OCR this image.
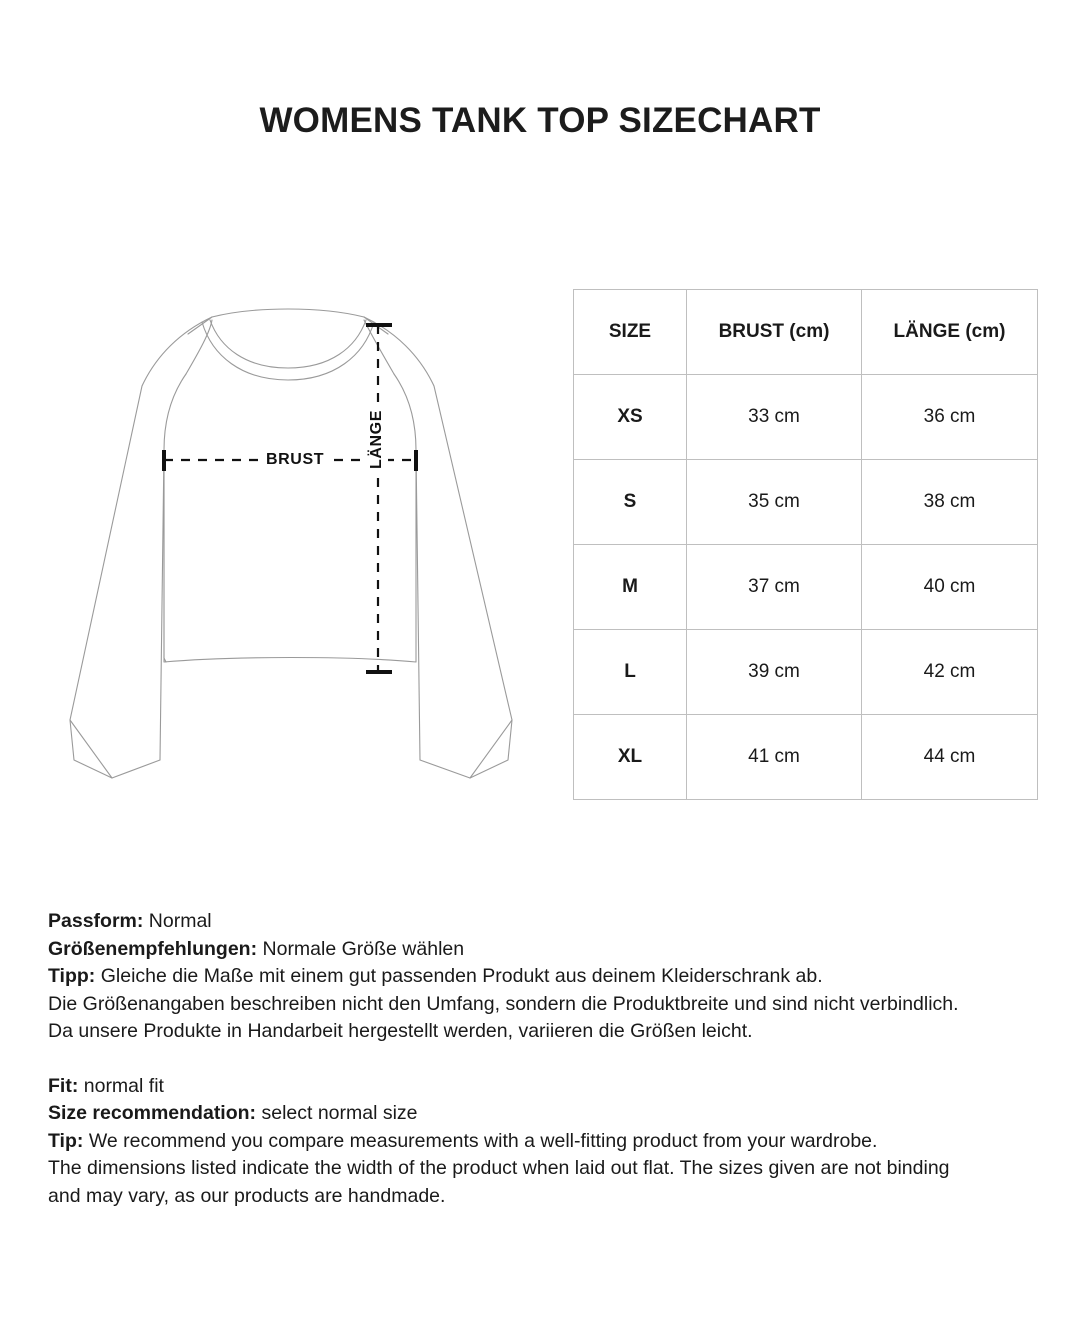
WOMENS TANK TOP SIZECHART
BRUST	LÄNGE
SIZE	BRUST (cm)	LÄNGE (cm)
XS	33 cm	36 cm
S	35 cm	38 cm
M	37 cm	40 cm
L	39 cm	42 cm
XL	41 cm	44 cm
Passform: Normal
Größenempfehlungen: Normale Größe wählen
Tipp: Gleiche die Maße mit einem gut passenden Produkt aus deinem Kleiderschrank ab.
Die Größenangaben beschreiben nicht den Umfang, sondern die Produktbreite und sind nicht verbindlich.
Da unsere Produkte in Handarbeit hergestellt werden, variieren die Größen leicht.
Fit: normal fit
Size recommendation: select normal size
Tip: We recommend you compare measurements with a well-fitting product from your wardrobe.
The dimensions listed indicate the width of the product when laid out flat. The sizes given are not binding
and may vary, as our products are handmade.
